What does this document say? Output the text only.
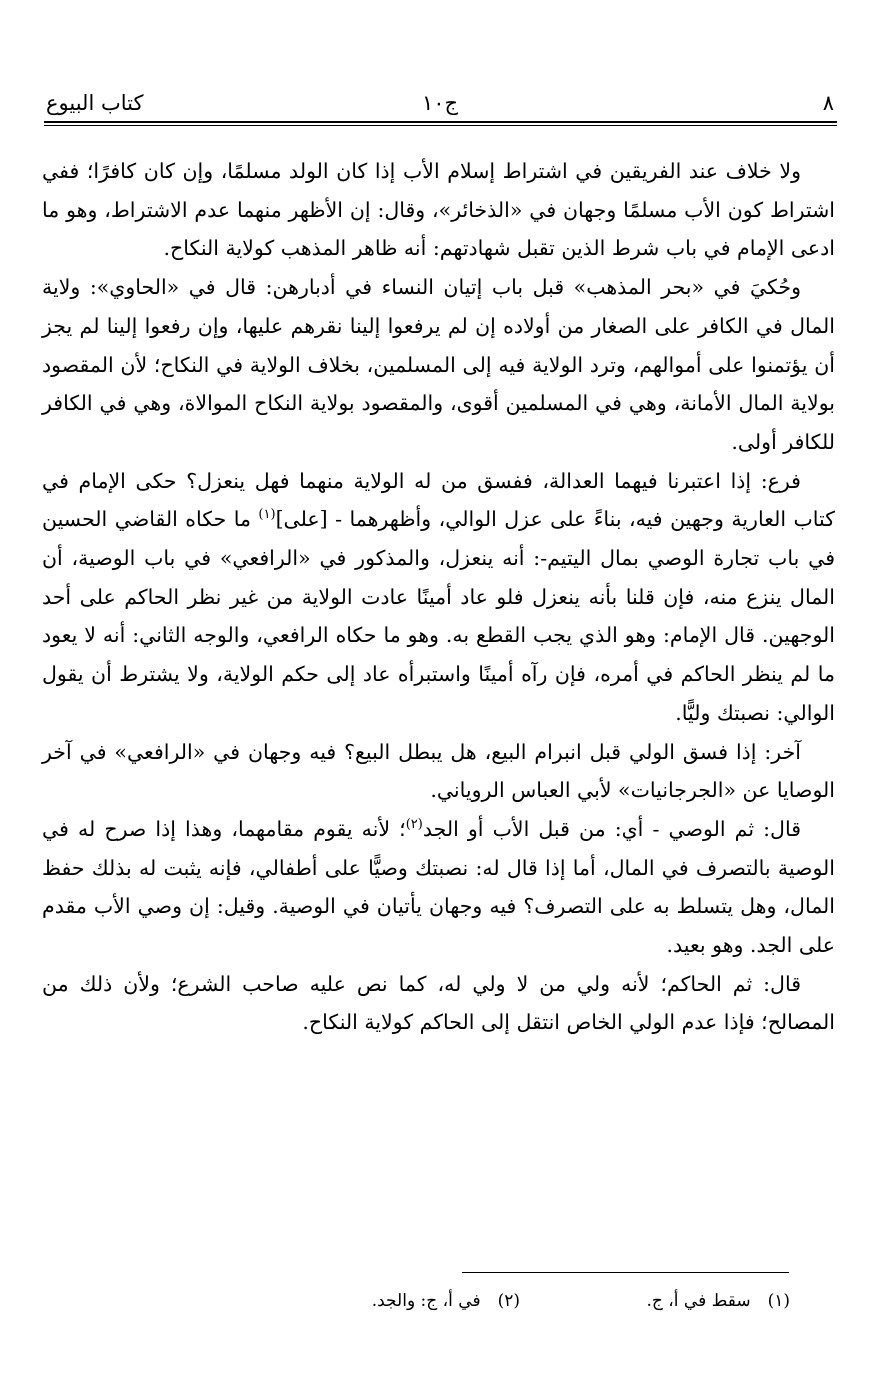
٨
ج١٠
كتاب البيوع

ولا خلاف عند الفريقين في اشتراط إسلام الأب إذا كان الولد مسلمًا، وإن كان كافرًا؛ ففي اشتراط كون الأب مسلمًا وجهان في «الذخائر»، وقال: إن الأظهر منهما عدم الاشتراط، وهو ما ادعى الإمام في باب شرط الذين تقبل شهادتهم: أنه ظاهر المذهب كولاية النكاح.

وحُكيَ في «بحر المذهب» قبل باب إتيان النساء في أدبارهن: قال في «الحاوي»: ولاية المال في الكافر على الصغار من أولاده إن لم يرفعوا إلينا نقرهم عليها، وإن رفعوا إلينا لم يجز أن يؤتمنوا على أموالهم، وترد الولاية فيه إلى المسلمين، بخلاف الولاية في النكاح؛ لأن المقصود بولاية المال الأمانة، وهي في المسلمين أقوى، والمقصود بولاية النكاح الموالاة، وهي في الكافر للكافر أولى.

فرع: إذا اعتبرنا فيهما العدالة، ففسق من له الولاية منهما فهل ينعزل؟ حكى الإمام في كتاب العارية وجهين فيه، بناءً على عزل الوالي، وأظهرهما - [على]$^{(١)}$ ما حكاه القاضي الحسين في باب تجارة الوصي بمال اليتيم-: أنه ينعزل، والمذكور في «الرافعي» في باب الوصية، أن المال ينزع منه، فإن قلنا بأنه ينعزل فلو عاد أمينًا عادت الولاية من غير نظر الحاكم على أحد الوجهين. قال الإمام: وهو الذي يجب القطع به. وهو ما حكاه الرافعي، والوجه الثاني: أنه لا يعود ما لم ينظر الحاكم في أمره، فإن رآه أمينًا واستبرأه عاد إلى حكم الولاية، ولا يشترط أن يقول الوالي: نصبتك وليًّا.

آخر: إذا فسق الولي قبل انبرام البيع، هل يبطل البيع؟ فيه وجهان في «الرافعي» في آخر الوصايا عن «الجرجانيات» لأبي العباس الروياني.

قال: ثم الوصي - أي: من قبل الأب أو الجد$^{(٢)}$؛ لأنه يقوم مقامهما، وهذا إذا صرح له في الوصية بالتصرف في المال، أما إذا قال له: نصبتك وصيًّا على أطفالي، فإنه يثبت له بذلك حفظ المال، وهل يتسلط به على التصرف؟ فيه وجهان يأتيان في الوصية. وقيل: إن وصي الأب مقدم على الجد. وهو بعيد.

قال: ثم الحاكم؛ لأنه ولي من لا ولي له، كما نص عليه صاحب الشرع؛ ولأن ذلك من المصالح؛ فإذا عدم الولي الخاص انتقل إلى الحاكم كولاية النكاح.

(١) سقط في أ، ج.
(٢) في أ، ج: والجد.
